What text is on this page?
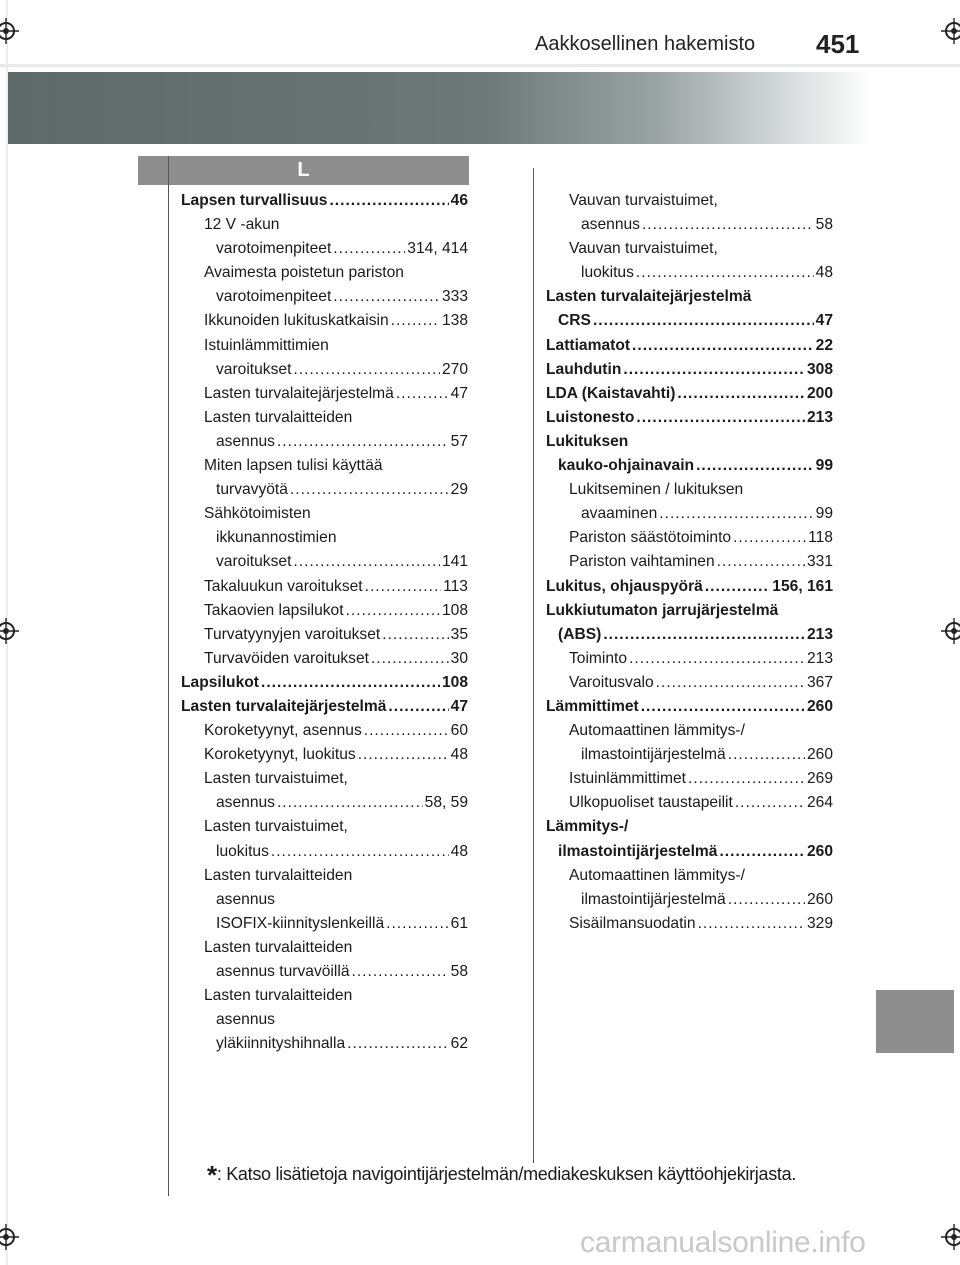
Aakkosellinen hakemisto 451
L
Lapsen turvallisuus .....	46
12 V -akun
varotoimenpiteet .....	314, 414
Avaimesta poistetun pariston
varotoimenpiteet .....	333
Ikkunoiden lukituskatkaisin .....	138
Istuinlämmittimien
varoitukset .....	270
Lasten turvalaitejärjestelmä .....	47
Lasten turvalaitteiden
asennus .....	57
Miten lapsen tulisi käyttää
turvavyötä .....	29
Sähkötoimisten
ikkunannostimien
varoitukset .....	141
Takaluukun varoitukset .....	113
Takaovien lapsilukot .....	108
Turvatyynyjen varoitukset .....	35
Turvavöiden varoitukset .....	30
Lapsilukot .....	108
Lasten turvalaitejärjestelmä .....	47
Koroketyynyt, asennus .....	60
Koroketyynyt, luokitus .....	48
Lasten turvaistuimet,
asennus .....	58, 59
Lasten turvaistuimet,
luokitus .....	48
Lasten turvalaitteiden
asennus
ISOFIX-kiinnityslenkeillä .....	61
Lasten turvalaitteiden
asennus turvavöillä .....	58
Lasten turvalaitteiden
asennus
yläkiinnityshihnalla .....	62
Vauvan turvaistuimet,
asennus .....	58
Vauvan turvaistuimet,
luokitus .....	48
Lasten turvalaitejärjestelmä
CRS .....	47
Lattiamatot .....	22
Lauhdutin .....	308
LDA (Kaistavahti) .....	200
Luistonesto .....	213
Lukituksen
kauko-ohjainavain .....	99
Lukitseminen / lukituksen
avaaminen .....	99
Pariston säästötoiminto .....	118
Pariston vaihtaminen .....	331
Lukitus, ohjauspyörä .....	156, 161
Lukkiutumaton jarrujärjestelmä
(ABS) .....	213
Toiminto .....	213
Varoitusvalo .....	367
Lämmittimet .....	260
Automaattinen lämmitys-/
ilmastointijärjestelmä .....	260
Istuinlämmittimet .....	269
Ulkopuoliset taustapeilit .....	264
Lämmitys-/
ilmastointijärjestelmä .....	260
Automaattinen lämmitys-/
ilmastointijärjestelmä .....	260
Sisäilmansuodatin .....	329
*: Katso lisätietoja navigointijärjestelmän/mediakeskuksen käyttöohjekirjasta.
carmanualsonline.info
